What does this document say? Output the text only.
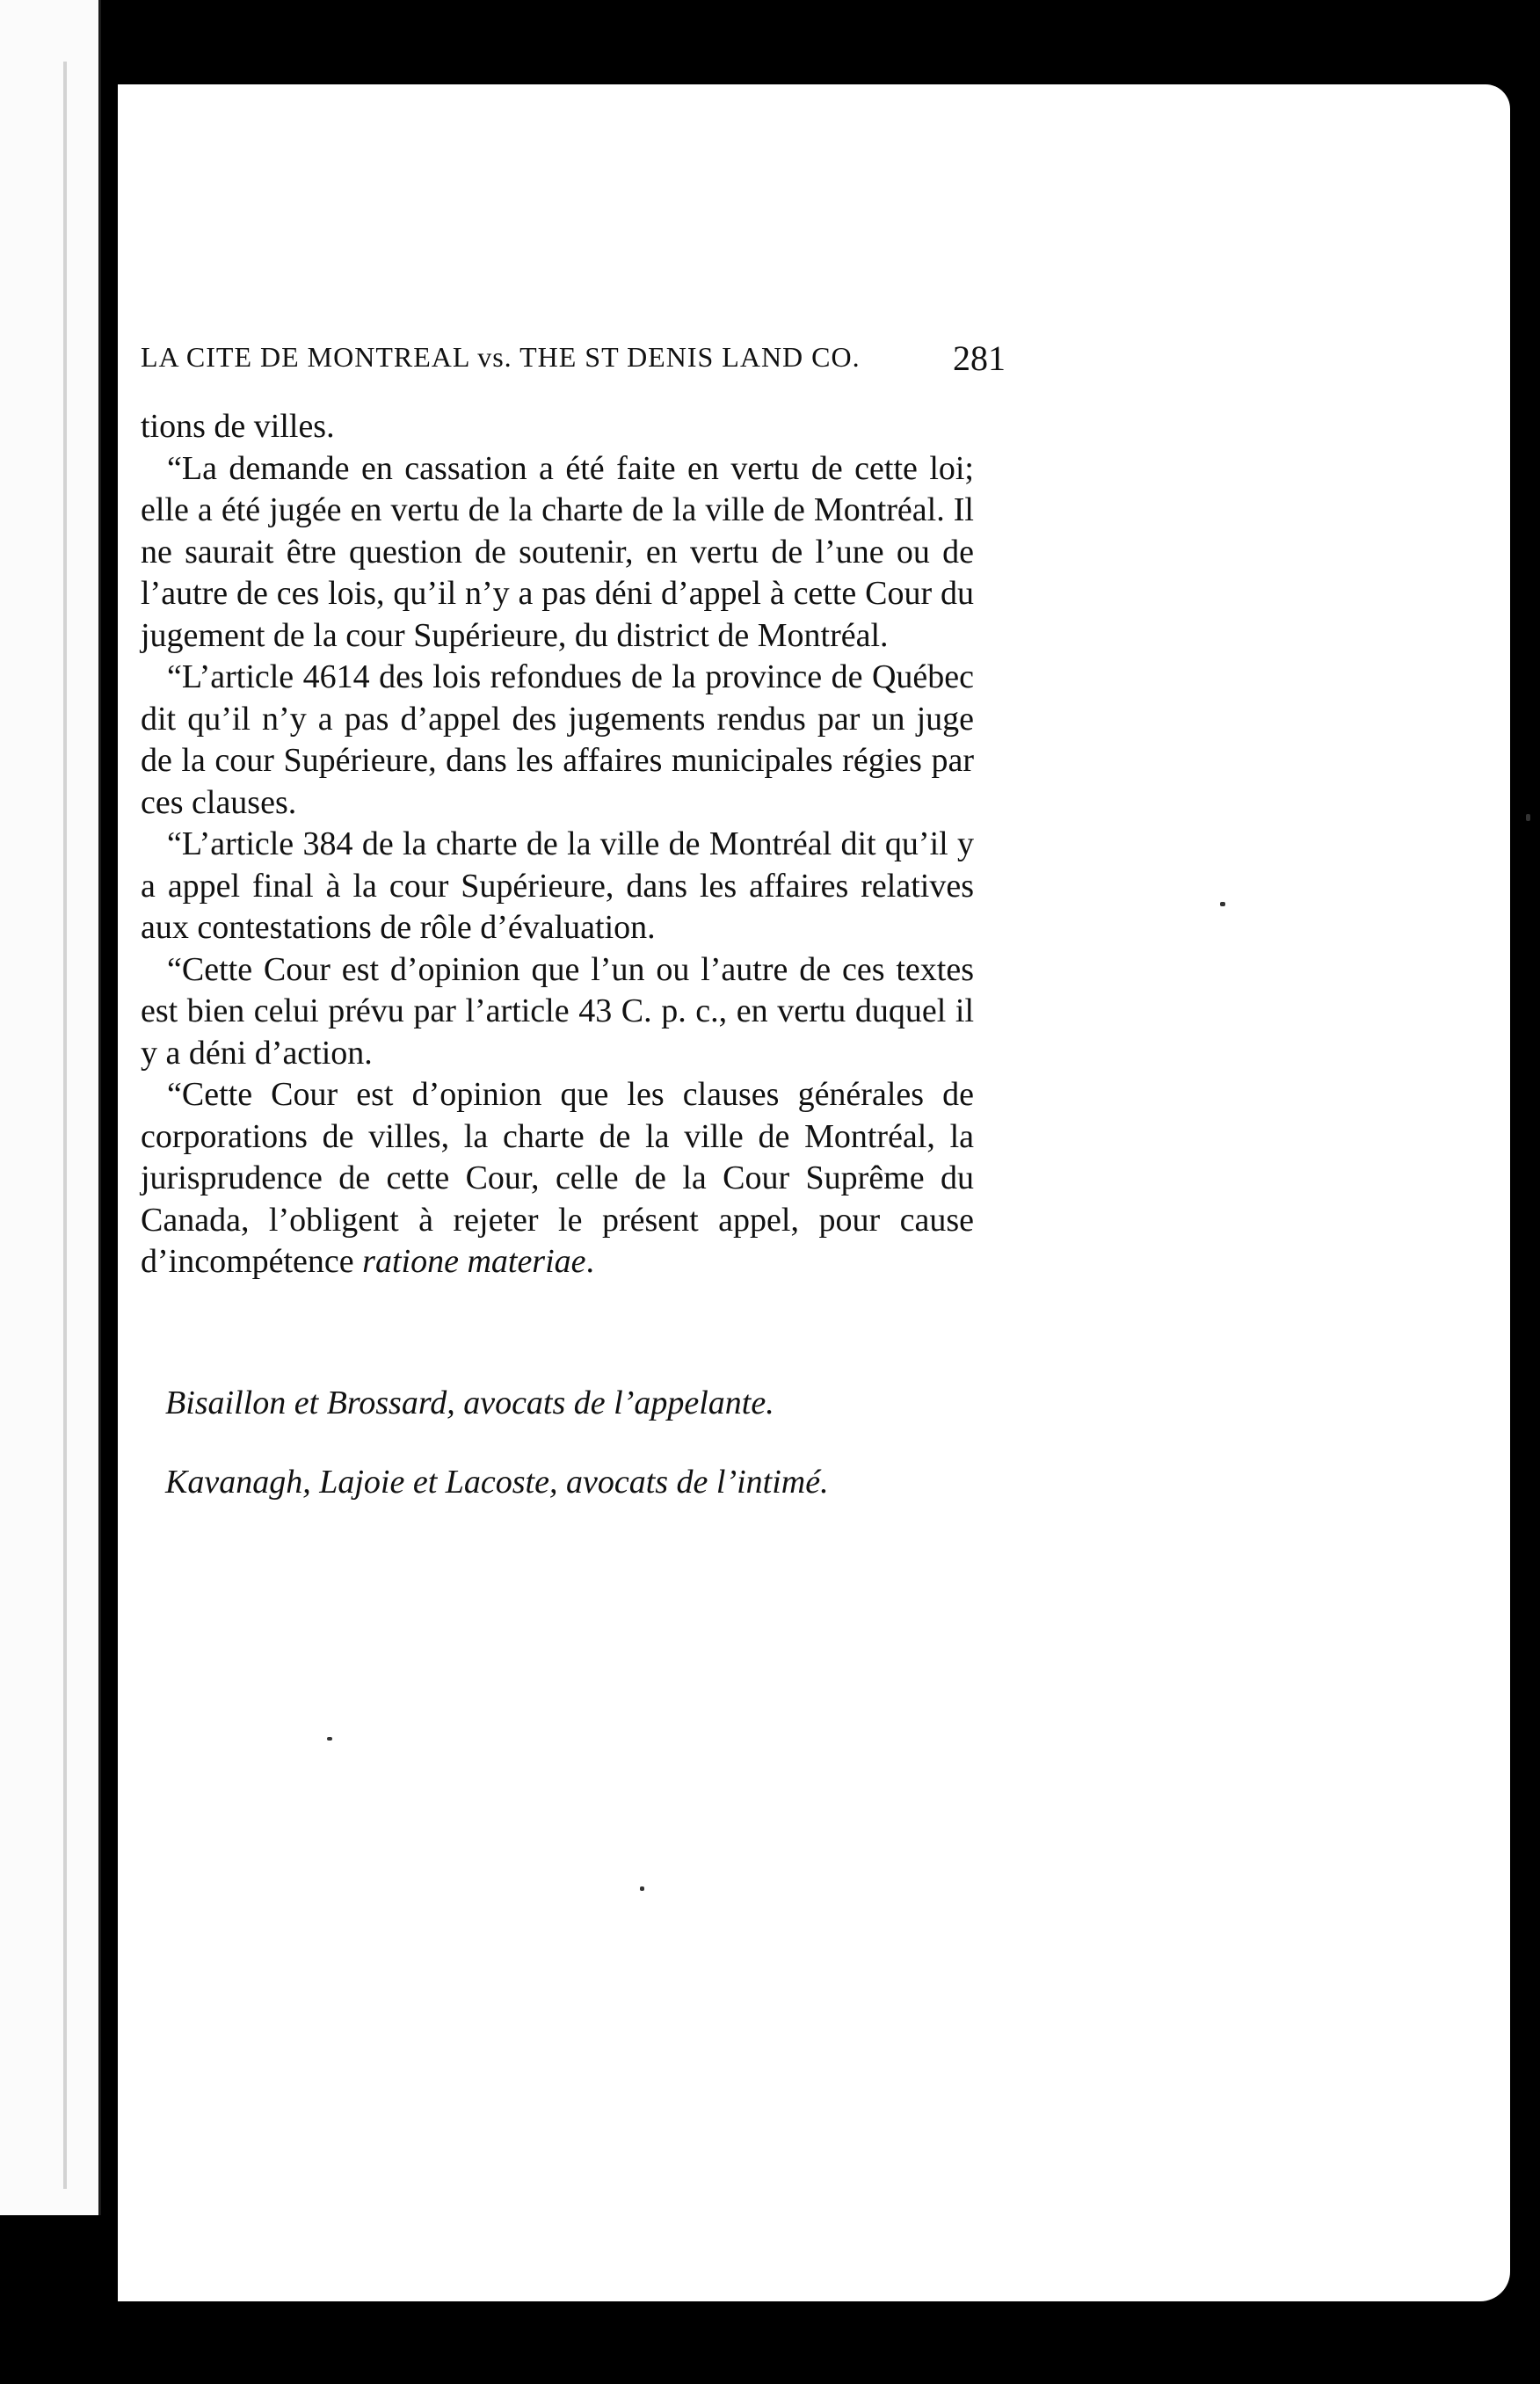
LA CITE DE MONTREAL vs. THE ST DENIS LAND CO.	281

tions de villes.

“La demande en cassation a été faite en vertu de cette loi; elle a été jugée en vertu de la charte de la ville de Montréal. Il ne saurait être question de soutenir, en vertu de l’une ou de l’autre de ces lois, qu’il n’y a pas déni d’appel à cette Cour du jugement de la cour Supérieure, du district de Montréal.

“L’article 4614 des lois refondues de la province de Québec dit qu’il n’y a pas d’appel des jugements rendus par un juge de la cour Supérieure, dans les affaires municipales régies par ces clauses.

“L’article 384 de la charte de la ville de Montréal dit qu’il y a appel final à la cour Supérieure, dans les affaires relatives aux contestations de rôle d’évaluation.

“Cette Cour est d’opinion que l’un ou l’autre de ces textes est bien celui prévu par l’article 43 C. p. c., en vertu duquel il y a déni d’action.

“Cette Cour est d’opinion que les clauses générales de corporations de villes, la charte de la ville de Montréal, la jurisprudence de cette Cour, celle de la Cour Suprême du Canada, l’obligent à rejeter le présent appel, pour cause d’incompétence ratione materiae.

Bisaillon et Brossard, avocats de l’appelante.
Kavanagh, Lajoie et Lacoste, avocats de l’intimé.
